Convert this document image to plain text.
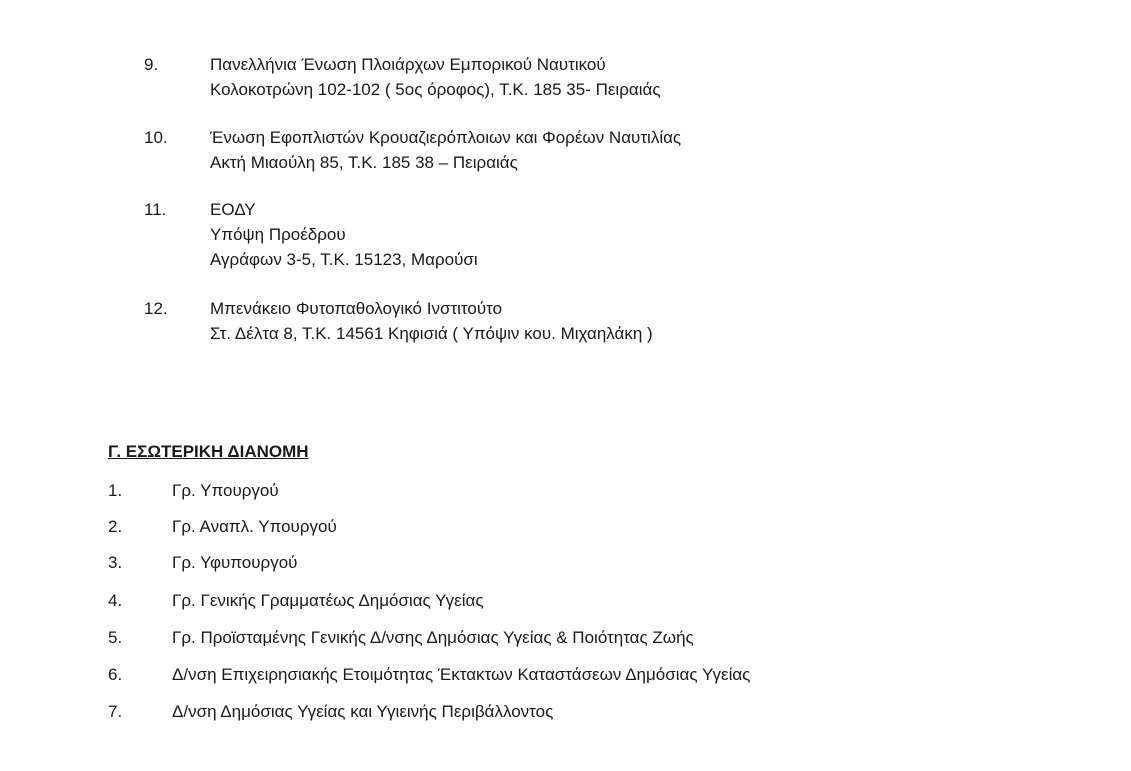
9.	Πανελλήνια Ένωση Πλοιάρχων Εμπορικού Ναυτικού
Κολοκοτρώνη 102-102 ( 5ος όροφος), Τ.Κ. 185 35- Πειραιάς
10.	Ένωση Εφοπλιστών Κρουαζιερόπλοιων και Φορέων Ναυτιλίας
Ακτή Μιαούλη 85, Τ.Κ. 185 38 – Πειραιάς
11.	ΕΟΔΥ
Υπόψη Προέδρου
Αγράφων 3-5, Τ.Κ. 15123, Μαρούσι
12.	Μπενάκειο Φυτοπαθολογικό Ινστιτούτο
Στ. Δέλτα 8, Τ.Κ. 14561 Κηφισιά ( Υπόψιν κου. Μιχαηλάκη )
Γ. ΕΣΩΤΕΡΙΚΗ ΔΙΑΝΟΜΗ
1.	Γρ. Υπουργού
2.	Γρ. Αναπλ. Υπουργού
3.	Γρ. Υφυπουργού
4.	Γρ. Γενικής Γραμματέως Δημόσιας Υγείας
5.	Γρ. Προϊσταμένης Γενικής Δ/νσης Δημόσιας Υγείας & Ποιότητας Ζωής
6.	Δ/νση Επιχειρησιακής Ετοιμότητας Έκτακτων Καταστάσεων Δημόσιας Υγείας
7.	Δ/νση Δημόσιας Υγείας και Υγιεινής Περιβάλλοντος
